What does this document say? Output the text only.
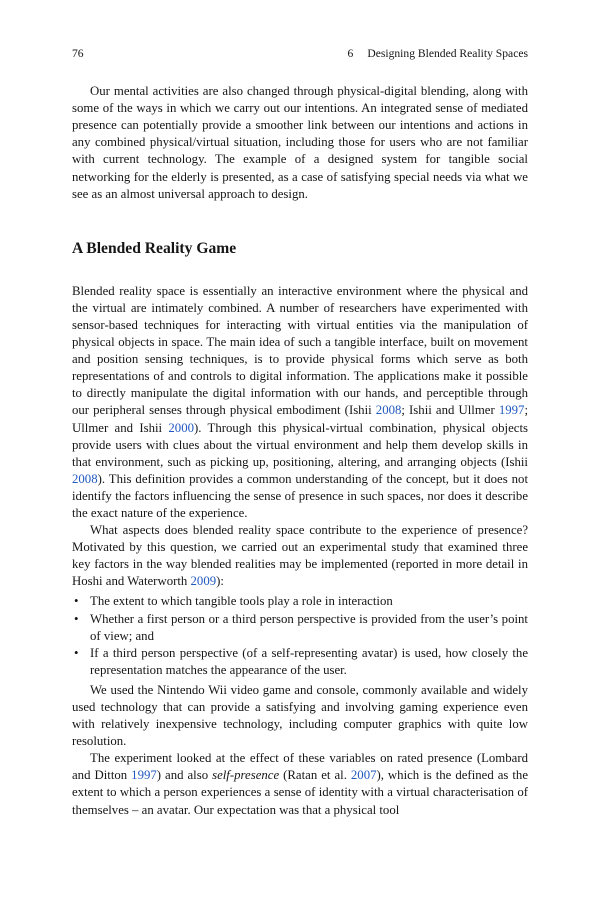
76	6 Designing Blended Reality Spaces

Our mental activities are also changed through physical-digital blending, along with some of the ways in which we carry out our intentions. An integrated sense of mediated presence can potentially provide a smoother link between our intentions and actions in any combined physical/virtual situation, including those for users who are not familiar with current technology. The example of a designed system for tangible social networking for the elderly is presented, as a case of satisfying special needs via what we see as an almost universal approach to design.

A Blended Reality Game

Blended reality space is essentially an interactive environment where the physical and the virtual are intimately combined. A number of researchers have experimented with sensor-based techniques for interacting with virtual entities via the manipulation of physical objects in space. The main idea of such a tangible interface, built on movement and position sensing techniques, is to provide physical forms which serve as both representations of and controls to digital information. The applications make it possible to directly manipulate the digital information with our hands, and perceptible through our peripheral senses through physical embodiment (Ishii 2008; Ishii and Ullmer 1997; Ullmer and Ishii 2000). Through this physical-virtual combination, physical objects provide users with clues about the virtual environment and help them develop skills in that environment, such as picking up, positioning, altering, and arranging objects (Ishii 2008). This definition provides a common understanding of the concept, but it does not identify the factors influencing the sense of presence in such spaces, nor does it describe the exact nature of the experience.

What aspects does blended reality space contribute to the experience of presence? Motivated by this question, we carried out an experimental study that examined three key factors in the way blended realities may be implemented (reported in more detail in Hoshi and Waterworth 2009):

• The extent to which tangible tools play a role in interaction
• Whether a first person or a third person perspective is provided from the user’s point of view; and
• If a third person perspective (of a self-representing avatar) is used, how closely the representation matches the appearance of the user.

We used the Nintendo Wii video game and console, commonly available and widely used technology that can provide a satisfying and involving gaming experience even with relatively inexpensive technology, including computer graphics with quite low resolution.

The experiment looked at the effect of these variables on rated presence (Lombard and Ditton 1997) and also self-presence (Ratan et al. 2007), which is the defined as the extent to which a person experiences a sense of identity with a virtual characterisation of themselves – an avatar. Our expectation was that a physical tool
